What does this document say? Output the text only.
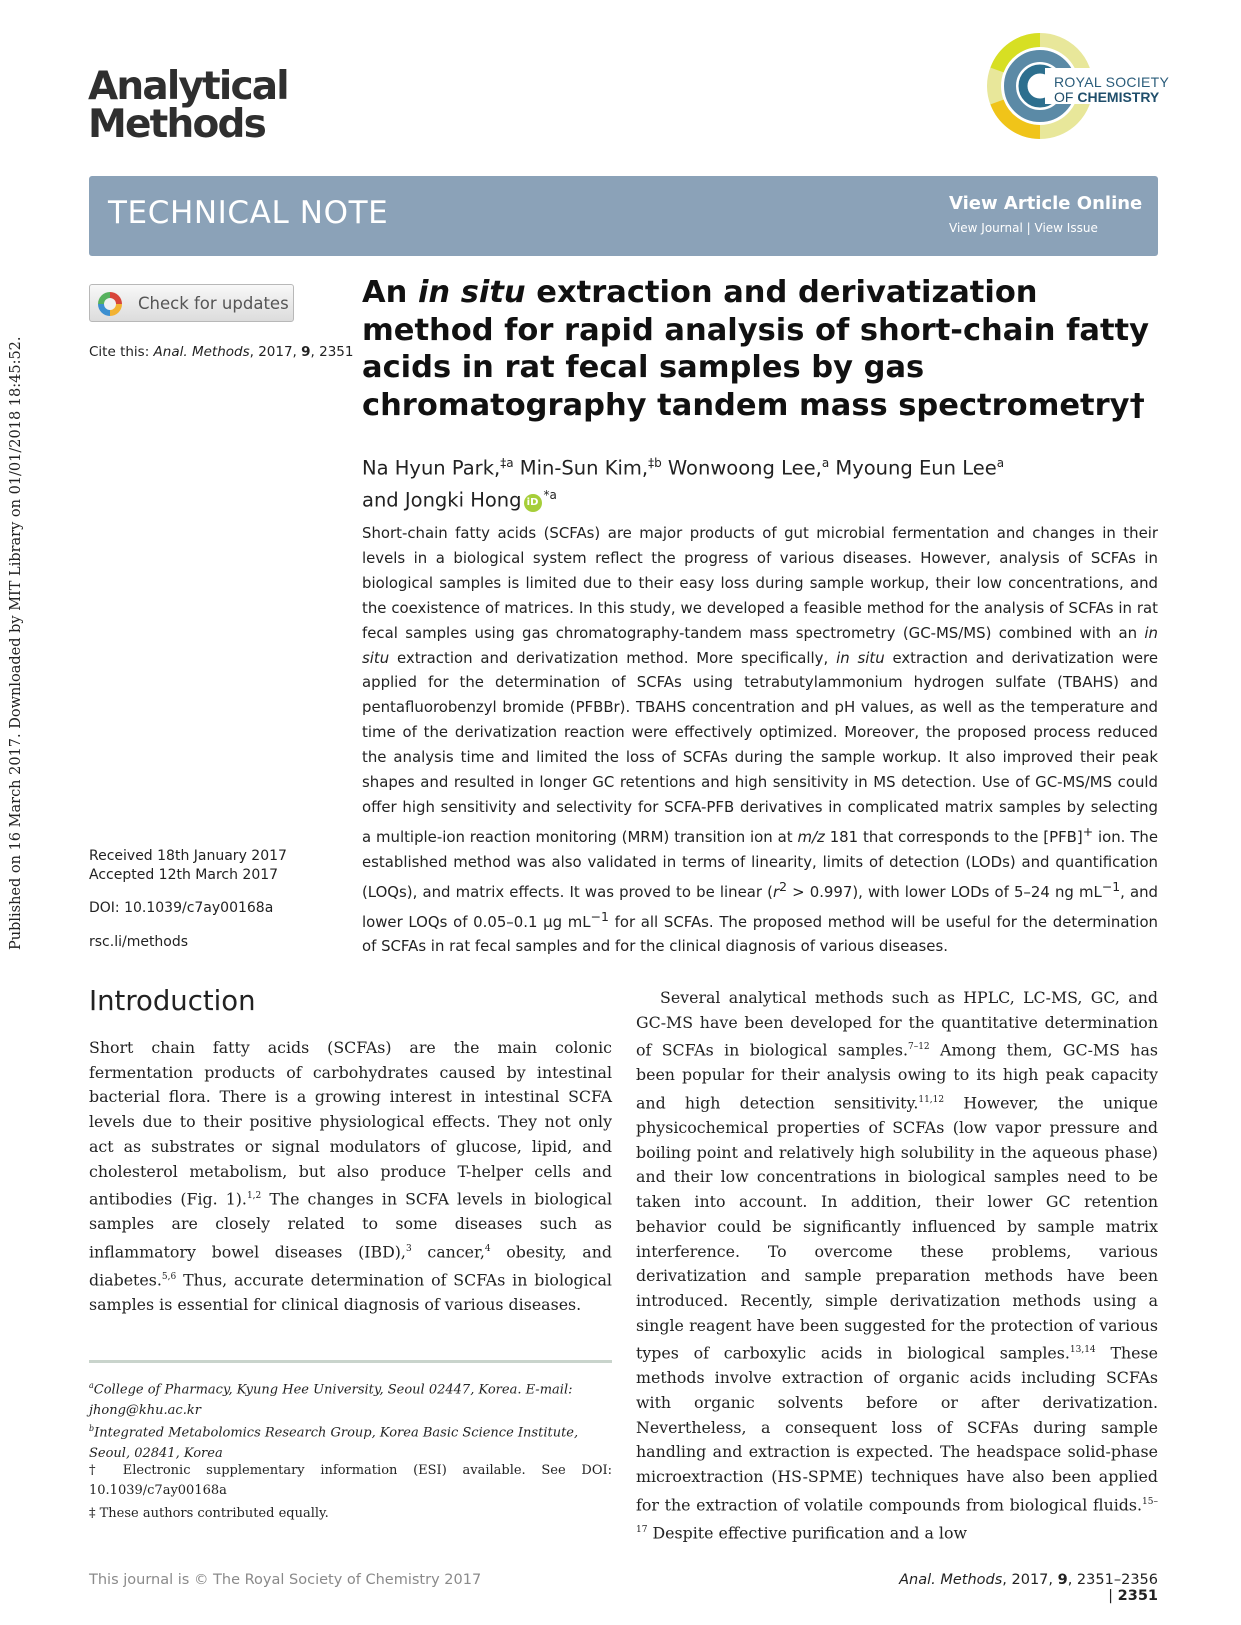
Published on 16 March 2017. Downloaded by MIT Library on 01/01/2018 18:45:52.
Analytical
Methods
ROYAL SOCIETY
OF CHEMISTRY
TECHNICAL NOTE	View Article Online
View Journal | View Issue
Check for updates
Cite this: Anal. Methods, 2017, 9, 2351
An in situ extraction and derivatization method for rapid analysis of short-chain fatty acids in rat fecal samples by gas chromatography tandem mass spectrometry†
Na Hyun Park,$^{\ddagger a}$ Min-Sun Kim,$^{\ddagger b}$ Wonwoong Lee,$^a$ Myoung Eun Lee$^a$
and Jongki Hong $iD^{*a}$

Short-chain fatty acids (SCFAs) are major products of gut microbial fermentation and changes in their levels in a biological system reflect the progress of various diseases. However, analysis of SCFAs in biological samples is limited due to their easy loss during sample workup, their low concentrations, and the coexistence of matrices. In this study, we developed a feasible method for the analysis of SCFAs in rat fecal samples using gas chromatography-tandem mass spectrometry (GC-MS/MS) combined with an in situ extraction and derivatization method. More specifically, in situ extraction and derivatization were applied for the determination of SCFAs using tetrabutylammonium hydrogen sulfate (TBAHS) and pentafluorobenzyl bromide (PFBBr). TBAHS concentration and pH values, as well as the temperature and time of the derivatization reaction were effectively optimized. Moreover, the proposed process reduced the analysis time and limited the loss of SCFAs during the sample workup. It also improved their peak shapes and resulted in longer GC retentions and high sensitivity in MS detection. Use of GC-MS/MS could offer high sensitivity and selectivity for SCFA-PFB derivatives in complicated matrix samples by selecting a multiple-ion reaction monitoring (MRM) transition ion at m/z 181 that corresponds to the [PFB]+ ion. The established method was also validated in terms of linearity, limits of detection (LODs) and quantification (LOQs), and matrix effects. It was proved to be linear $(r^2 > 0.997)$, with lower LODs of 5–24 ng $mL^{-1}$, and lower LOQs of 0.05–0.1 μg $mL^{-1}$ for all SCFAs. The proposed method will be useful for the determination of SCFAs in rat fecal samples and for the clinical diagnosis of various diseases.

Received 18th January 2017
Accepted 12th March 2017
DOI: 10.1039/c7ay00168a
rsc.li/methods
Introduction

Short chain fatty acids (SCFAs) are the main colonic fermentation products of carbohydrates caused by intestinal bacterial flora. There is a growing interest in intestinal SCFA levels due to their positive physiological effects. They not only act as substrates or signal modulators of glucose, lipid, and cholesterol metabolism, but also produce T-helper cells and antibodies (Fig. 1).$^{1,2}$ The changes in SCFA levels in biological samples are closely related to some diseases such as inflammatory bowel diseases (IBD),$^3$ cancer,$^4$ obesity, and diabetes.$^{5,6}$ Thus, accurate determination of SCFAs in biological samples is essential for clinical diagnosis of various diseases.

Several analytical methods such as HPLC, LC-MS, GC, and GC-MS have been developed for the quantitative determination of SCFAs in biological samples.$^{7-12}$ Among them, GC-MS has been popular for their analysis owing to its high peak capacity and high detection sensitivity.$^{11,12}$ However, the unique physicochemical properties of SCFAs (low vapor pressure and boiling point and relatively high solubility in the aqueous phase) and their low concentrations in biological samples need to be taken into account. In addition, their lower GC retention behavior could be significantly influenced by sample matrix interference. To overcome these problems, various derivatization and sample preparation methods have been introduced. Recently, simple derivatization methods using a single reagent have been suggested for the protection of various types of carboxylic acids in biological samples.$^{13,14}$ These methods involve extraction of organic acids including SCFAs with organic solvents before or after derivatization. Nevertheless, a consequent loss of SCFAs during sample handling and extraction is expected. The headspace solid-phase microextraction (HS-SPME) techniques have also been applied for the extraction of volatile compounds from biological fluids.$^{15-17}$ Despite effective purification and a low

$^a$College of Pharmacy, Kyung Hee University, Seoul 02447, Korea. E-mail: jhong@khu.ac.kr

$^b$Integrated Metabolomics Research Group, Korea Basic Science Institute, Seoul, 02841, Korea

† Electronic supplementary information (ESI) available. See DOI:

10.1039/c7ay00168a

‡ These authors contributed equally.

This journal is © The Royal Society of Chemistry 2017	Anal. Methods, 2017, 9, 2351–2356 | 2351
